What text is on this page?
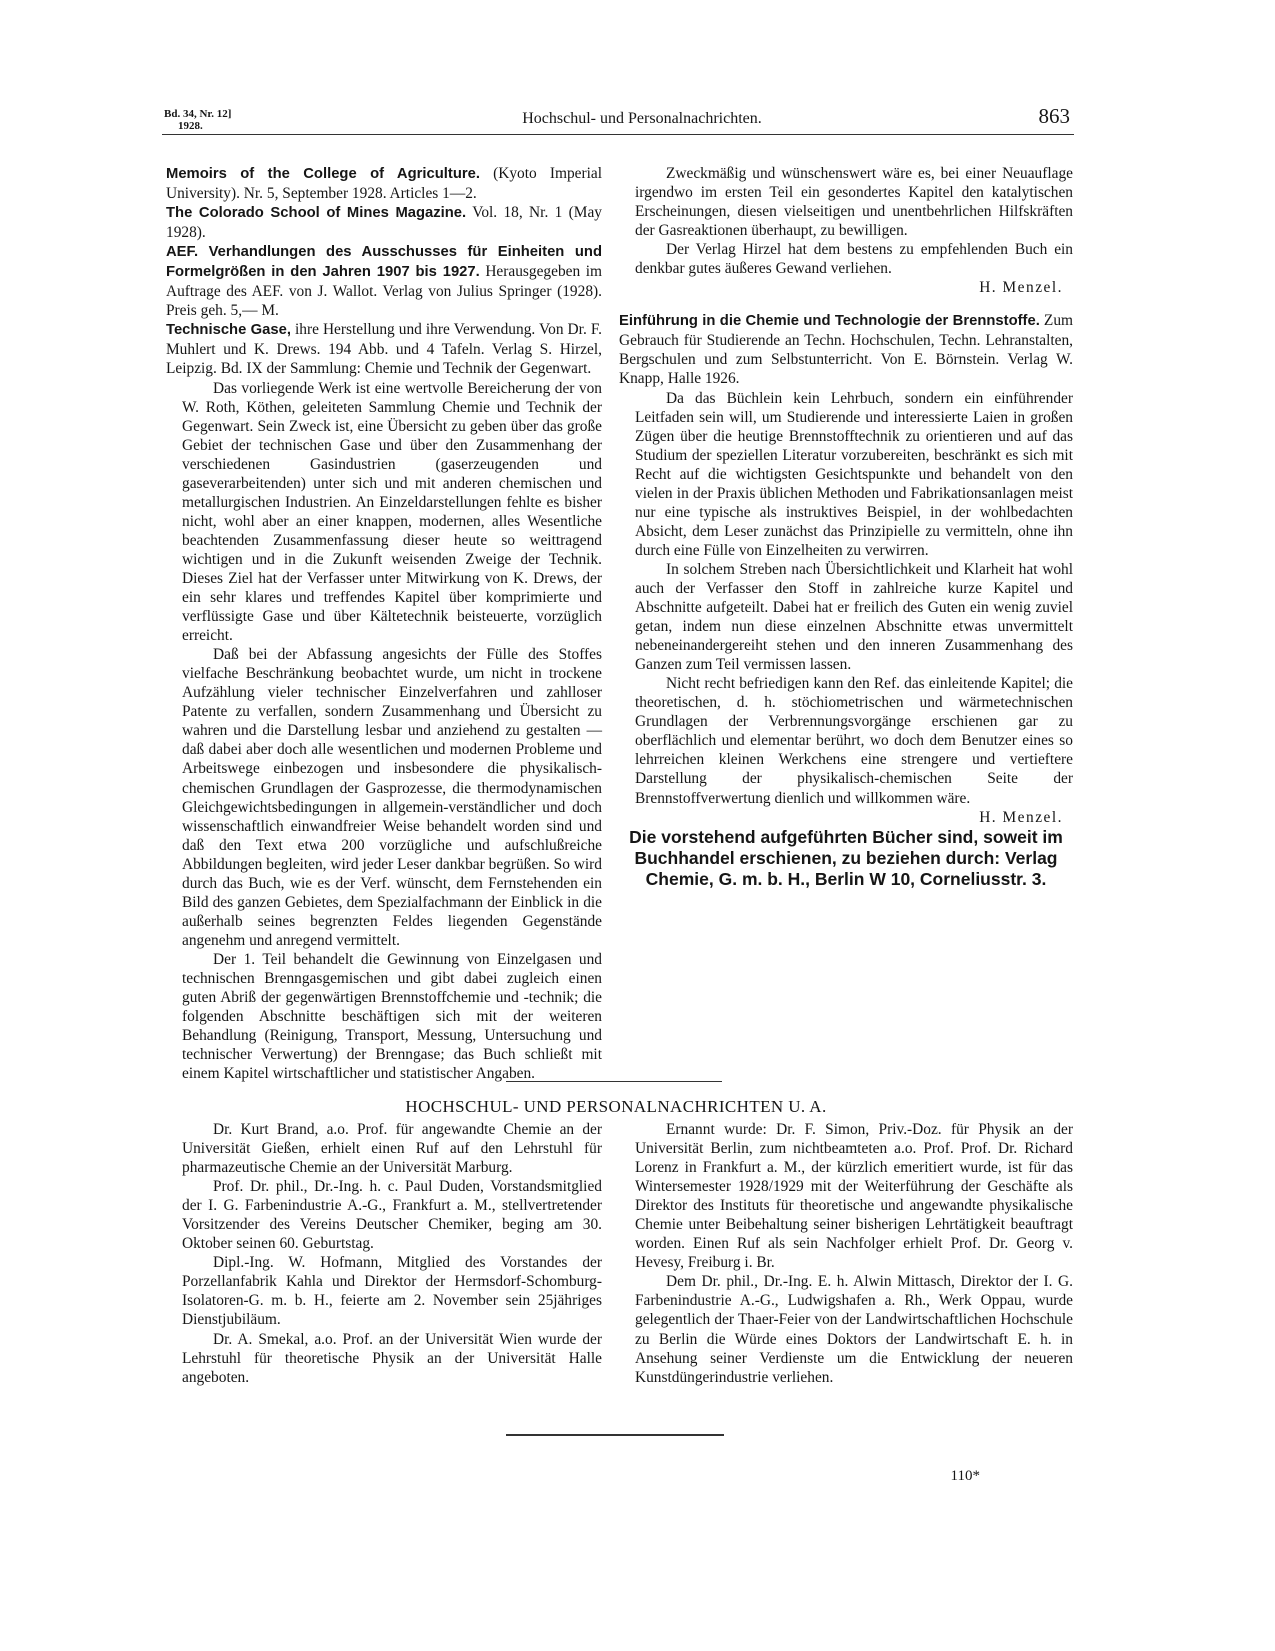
Bd. 34, Nr. 12]
1928.	Hochschul- und Personalnachrichten.	863

Memoirs of the College of Agriculture. (Kyoto Imperial University). Nr. 5, September 1928. Articles 1—2.

The Colorado School of Mines Magazine. Vol. 18, Nr. 1 (May 1928).

AEF. Verhandlungen des Ausschusses für Einheiten und Formelgrößen in den Jahren 1907 bis 1927. Herausgegeben im Auftrage des AEF. von J. Wallot. Verlag von Julius Springer (1928). Preis geh. 5,— M.

Technische Gase, ihre Herstellung und ihre Verwendung. Von Dr. F. Muhlert und K. Drews. 194 Abb. und 4 Tafeln. Verlag S. Hirzel, Leipzig. Bd. IX der Sammlung: Chemie und Technik der Gegenwart.

Das vorliegende Werk ist eine wertvolle Bereicherung der von W. Roth, Köthen, geleiteten Sammlung Chemie und Technik der Gegenwart. Sein Zweck ist, eine Übersicht zu geben über das große Gebiet der technischen Gase und über den Zusammenhang der verschiedenen Gasindustrien (gaserzeugenden und gaseverarbeitenden) unter sich und mit anderen chemischen und metallurgischen Industrien. An Einzeldarstellungen fehlte es bisher nicht, wohl aber an einer knappen, modernen, alles Wesentliche beachtenden Zusammenfassung dieser heute so weittragend wichtigen und in die Zukunft weisenden Zweige der Technik. Dieses Ziel hat der Verfasser unter Mitwirkung von K. Drews, der ein sehr klares und treffendes Kapitel über komprimierte und verflüssigte Gase und über Kältetechnik beisteuerte, vorzüglich erreicht.

Daß bei der Abfassung angesichts der Fülle des Stoffes vielfache Beschränkung beobachtet wurde, um nicht in trockene Aufzählung vieler technischer Einzelverfahren und zahlloser Patente zu verfallen, sondern Zusammenhang und Übersicht zu wahren und die Darstellung lesbar und anziehend zu gestalten — daß dabei aber doch alle wesentlichen und modernen Probleme und Arbeitswege einbezogen und insbesondere die physikalisch-chemischen Grundlagen der Gasprozesse, die thermodynamischen Gleichgewichtsbedingungen in allgemein-verständlicher und doch wissenschaftlich einwandfreier Weise behandelt worden sind und daß den Text etwa 200 vorzügliche und aufschlußreiche Abbildungen begleiten, wird jeder Leser dankbar begrüßen. So wird durch das Buch, wie es der Verf. wünscht, dem Fernstehenden ein Bild des ganzen Gebietes, dem Spezialfachmann der Einblick in die außerhalb seines begrenzten Feldes liegenden Gegenstände angenehm und anregend vermittelt.

Der 1. Teil behandelt die Gewinnung von Einzelgasen und technischen Brenngasgemischen und gibt dabei zugleich einen guten Abriß der gegenwärtigen Brennstoffchemie und -technik; die folgenden Abschnitte beschäftigen sich mit der weiteren Behandlung (Reinigung, Transport, Messung, Untersuchung und technischer Verwertung) der Brenngase; das Buch schließt mit einem Kapitel wirtschaftlicher und statistischer Angaben.

Zweckmäßig und wünschenswert wäre es, bei einer Neuauflage irgendwo im ersten Teil ein gesondertes Kapitel den katalytischen Erscheinungen, diesen vielseitigen und unentbehrlichen Hilfskräften der Gasreaktionen überhaupt, zu bewilligen.

Der Verlag Hirzel hat dem bestens zu empfehlenden Buch ein denkbar gutes äußeres Gewand verliehen.

H. Menzel.

Einführung in die Chemie und Technologie der Brennstoffe. Zum Gebrauch für Studierende an Techn. Hochschulen, Techn. Lehranstalten, Bergschulen und zum Selbstunterricht. Von E. Börnstein. Verlag W. Knapp, Halle 1926.

Da das Büchlein kein Lehrbuch, sondern ein einführender Leitfaden sein will, um Studierende und interessierte Laien in großen Zügen über die heutige Brennstofftechnik zu orientieren und auf das Studium der speziellen Literatur vorzubereiten, beschränkt es sich mit Recht auf die wichtigsten Gesichtspunkte und behandelt von den vielen in der Praxis üblichen Methoden und Fabrikationsanlagen meist nur eine typische als instruktives Beispiel, in der wohlbedachten Absicht, dem Leser zunächst das Prinzipielle zu vermitteln, ohne ihn durch eine Fülle von Einzelheiten zu verwirren.

In solchem Streben nach Übersichtlichkeit und Klarheit hat wohl auch der Verfasser den Stoff in zahlreiche kurze Kapitel und Abschnitte aufgeteilt. Dabei hat er freilich des Guten ein wenig zuviel getan, indem nun diese einzelnen Abschnitte etwas unvermittelt nebeneinandergereiht stehen und den inneren Zusammenhang des Ganzen zum Teil vermissen lassen.

Nicht recht befriedigen kann den Ref. das einleitende Kapitel; die theoretischen, d. h. stöchiometrischen und wärmetechnischen Grundlagen der Verbrennungsvorgänge erschienen gar zu oberflächlich und elementar berührt, wo doch dem Benutzer eines so lehrreichen kleinen Werkchens eine strengere und vertieftere Darstellung der physikalisch-chemischen Seite der Brennstoffverwertung dienlich und willkommen wäre.

H. Menzel.

Die vorstehend aufgeführten Bücher sind, soweit im Buchhandel erschienen, zu beziehen durch: Verlag Chemie, G. m. b. H., Berlin W 10, Corneliusstr. 3.

HOCHSCHUL- UND PERSONALNACHRICHTEN U. A.

Dr. Kurt Brand, a.o. Prof. für angewandte Chemie an der Universität Gießen, erhielt einen Ruf auf den Lehrstuhl für pharmazeutische Chemie an der Universität Marburg.

Prof. Dr. phil., Dr.-Ing. h. c. Paul Duden, Vorstandsmitglied der I. G. Farbenindustrie A.-G., Frankfurt a. M., stellvertretender Vorsitzender des Vereins Deutscher Chemiker, beging am 30. Oktober seinen 60. Geburtstag.

Dipl.-Ing. W. Hofmann, Mitglied des Vorstandes der Porzellanfabrik Kahla und Direktor der Hermsdorf-Schomburg-Isolatoren-G. m. b. H., feierte am 2. November sein 25jähriges Dienstjubiläum.

Dr. A. Smekal, a.o. Prof. an der Universität Wien wurde der Lehrstuhl für theoretische Physik an der Universität Halle angeboten.

Ernannt wurde: Dr. F. Simon, Priv.-Doz. für Physik an der Universität Berlin, zum nichtbeamteten a.o. Prof. Prof. Dr. Richard Lorenz in Frankfurt a. M., der kürzlich emeritiert wurde, ist für das Wintersemester 1928/1929 mit der Weiterführung der Geschäfte als Direktor des Instituts für theoretische und angewandte physikalische Chemie unter Beibehaltung seiner bisherigen Lehrtätigkeit beauftragt worden. Einen Ruf als sein Nachfolger erhielt Prof. Dr. Georg v. Hevesy, Freiburg i. Br.

Dem Dr. phil., Dr.-Ing. E. h. Alwin Mittasch, Direktor der I. G. Farbenindustrie A.-G., Ludwigshafen a. Rh., Werk Oppau, wurde gelegentlich der Thaer-Feier von der Landwirtschaftlichen Hochschule zu Berlin die Würde eines Doktors der Landwirtschaft E. h. in Ansehung seiner Verdienste um die Entwicklung der neueren Kunstdüngerindustrie verliehen.

110*
